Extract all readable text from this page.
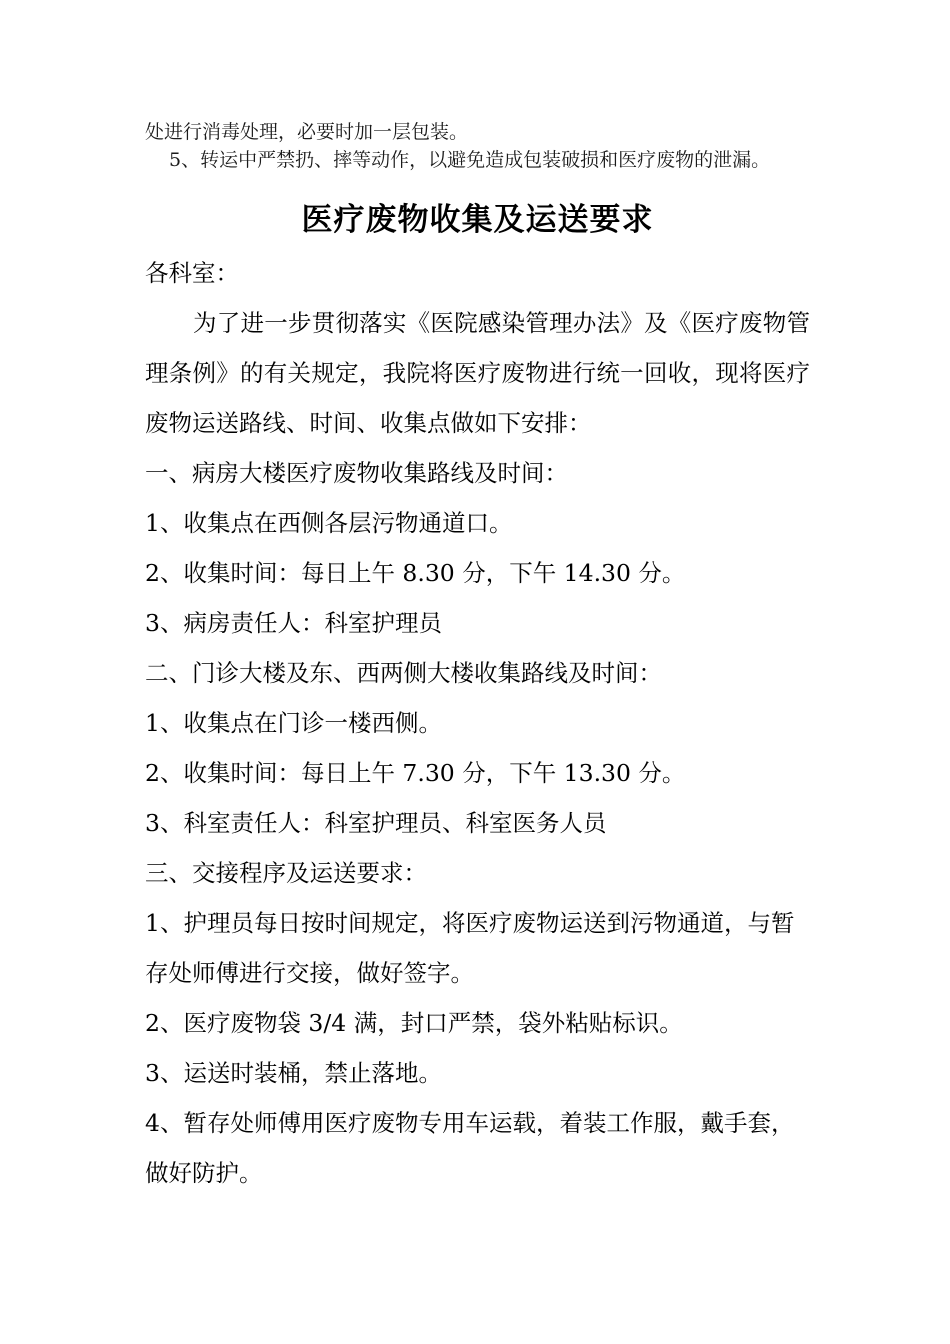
处进行消毒处理，必要时加一层包装。

5、转运中严禁扔、摔等动作，以避免造成包装破损和医疗废物的泄漏。

医疗废物收集及运送要求

各科室：

为了进一步贯彻落实《医院感染管理办法》及《医疗废物管理条例》的有关规定，我院将医疗废物进行统一回收，现将医疗废物运送路线、时间、收集点做如下安排：

一、病房大楼医疗废物收集路线及时间：

1、收集点在西侧各层污物通道口。

2、收集时间：每日上午 8.30 分，下午 14.30 分。

3、病房责任人：科室护理员

二、门诊大楼及东、西两侧大楼收集路线及时间：

1、收集点在门诊一楼西侧。

2、收集时间：每日上午 7.30 分，下午 13.30 分。

3、科室责任人：科室护理员、科室医务人员

三、交接程序及运送要求：

1、护理员每日按时间规定，将医疗废物运送到污物通道，与暂存处师傅进行交接，做好签字。

2、医疗废物袋 3/4 满，封口严禁，袋外粘贴标识。

3、运送时装桶，禁止落地。

4、暂存处师傅用医疗废物专用车运载，着装工作服，戴手套，做好防护。
